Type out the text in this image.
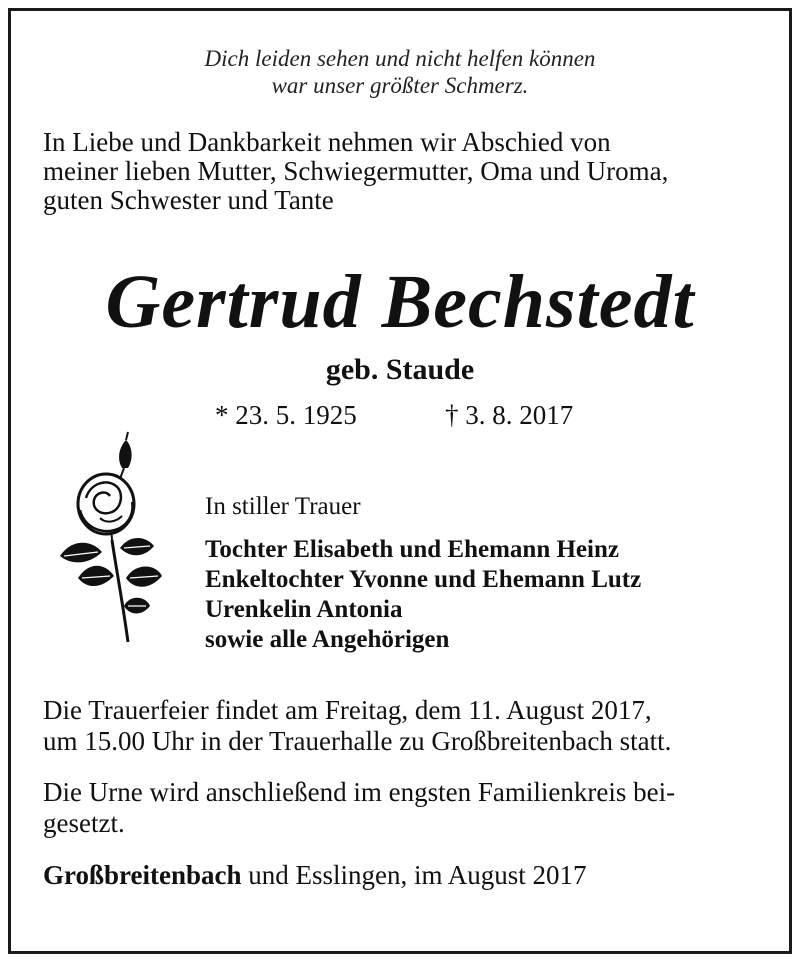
Dich leiden sehen und nicht helfen können
war unser größter Schmerz.
In Liebe und Dankbarkeit nehmen wir Abschied von
meiner lieben Mutter, Schwiegermutter, Oma und Uroma,
guten Schwester und Tante
Gertrud Bechstedt
geb. Staude
* 23. 5. 1925	† 3. 8. 2017
In stiller Trauer
Tochter Elisabeth und Ehemann Heinz
Enkeltochter Yvonne und Ehemann Lutz
Urenkelin Antonia
sowie alle Angehörigen
Die Trauerfeier findet am Freitag, dem 11. August 2017,
um 15.00 Uhr in der Trauerhalle zu Großbreitenbach statt.
Die Urne wird anschließend im engsten Familienkreis bei-
gesetzt.
Großbreitenbach und Esslingen, im August 2017
